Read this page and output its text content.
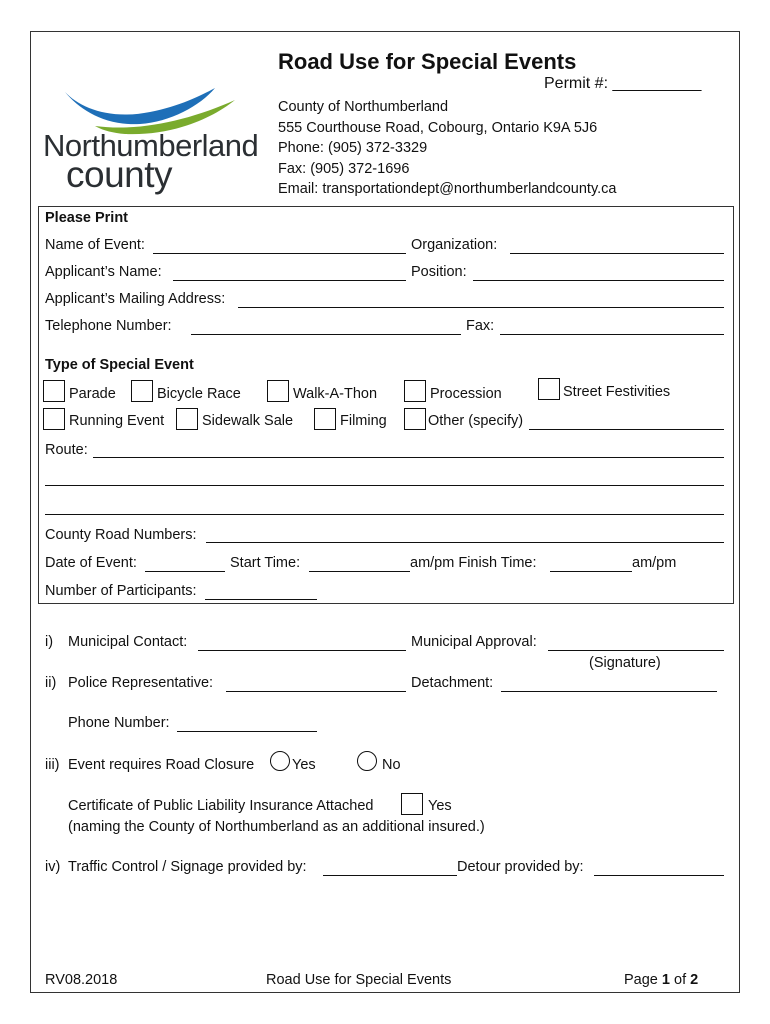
Northumberland
county
Road Use for Special Events
Permit #: __________
County of Northumberland
555 Courthouse Road, Cobourg, Ontario K9A 5J6
Phone: (905) 372-3329
Fax: (905) 372-1696
Email: transportationdept@northumberlandcounty.ca
Please Print
Name of Event:	Organization:
Applicant’s Name:	Position:
Applicant’s Mailing Address:
Telephone Number:	Fax:
Type of Special Event
Parade	Bicycle Race	Walk-A-Thon	Procession	Street Festivities
Running Event	Sidewalk Sale	Filming	Other (specify)
Route:
County Road Numbers:
Date of Event:	Start Time:	am/pm Finish Time:	am/pm
Number of Participants:
i) Municipal Contact:	Municipal Approval:
(Signature)
ii) Police Representative:	Detachment:
Phone Number:
iii) Event requires Road Closure	Yes	No
Certificate of Public Liability Insurance Attached	Yes
(naming the County of Northumberland as an additional insured.)
iv) Traffic Control / Signage provided by:	Detour provided by:
RV08.2018	Road Use for Special Events	Page 1 of 2
